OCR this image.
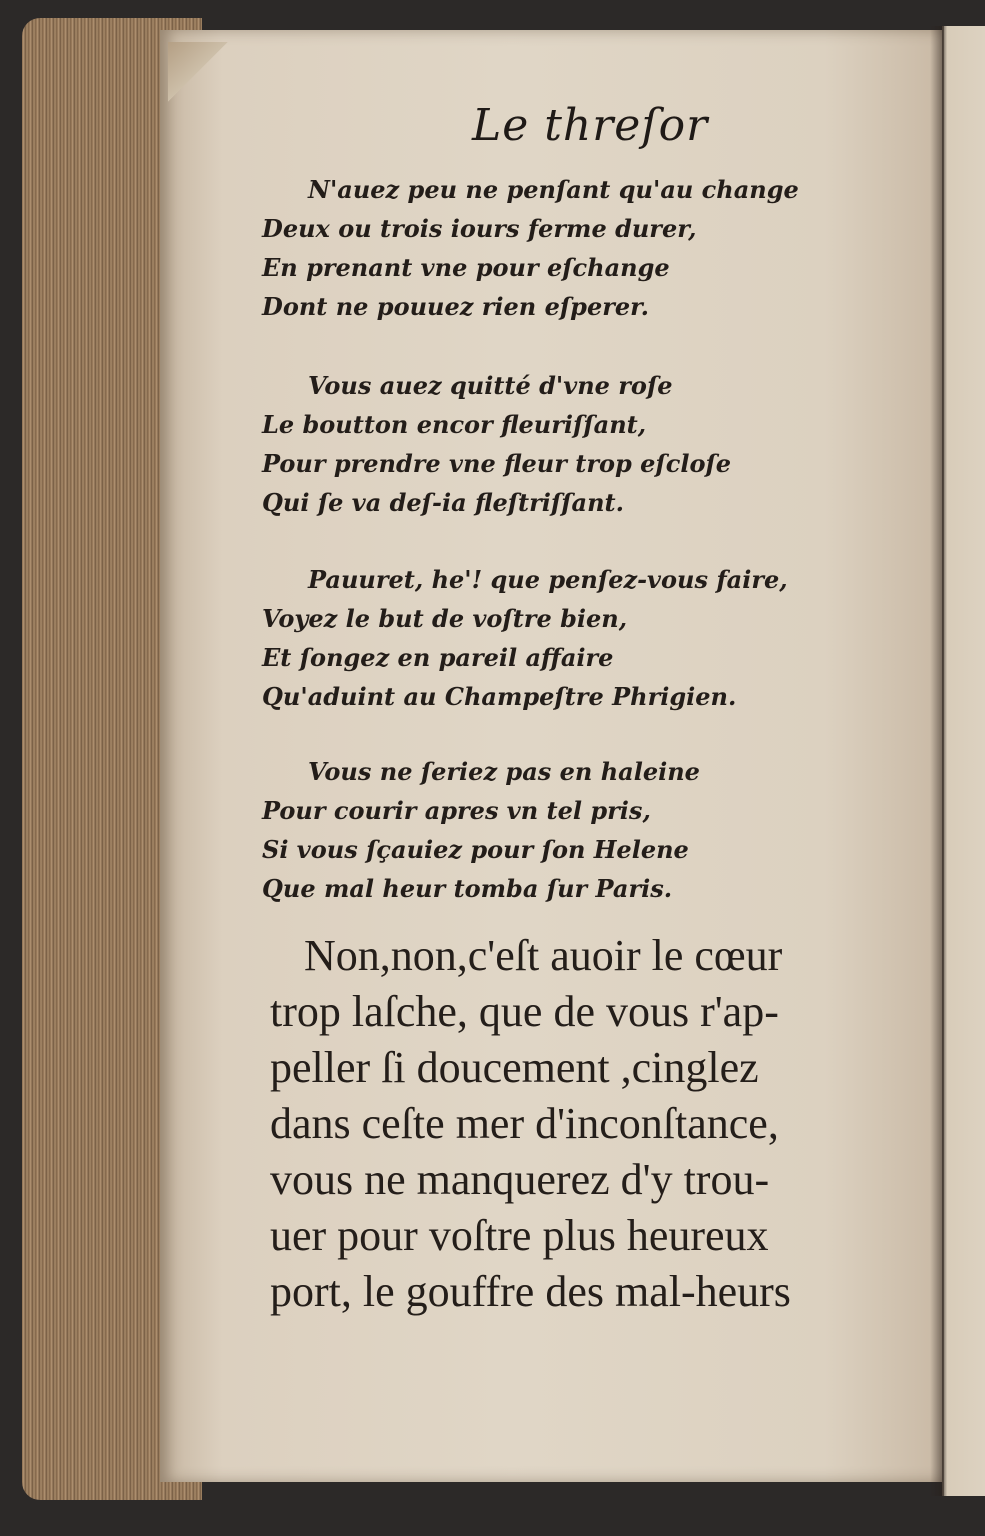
Le threſor
N'auez peu ne penſant qu'au change
Deux ou trois iours ferme durer,
En prenant vne pour eſchange
Dont ne pouuez rien eſperer.
Vous auez quitté d'vne roſe
Le boutton encor fleuriſſant,
Pour prendre vne fleur trop eſcloſe
Qui ſe va deſ-ia fleſtriſſant.
Pauuret, he'! que penſez-vous faire,
Voyez le but de voſtre bien,
Et ſongez en pareil affaire
Qu'aduint au Champeſtre Phrigien.
Vous ne ſeriez pas en haleine
Pour courir apres vn tel pris,
Si vous ſçauiez pour ſon Helene
Que mal heur tomba ſur Paris.
Non,non,c'eſt auoir le cœur
trop laſche, que de vous r'ap-
peller ſi doucement ,cinglez
dans ceſte mer d'inconſtance,
vous ne manquerez d'y trou-
uer pour voſtre plus heureux
port, le gouffre des mal-heurs
